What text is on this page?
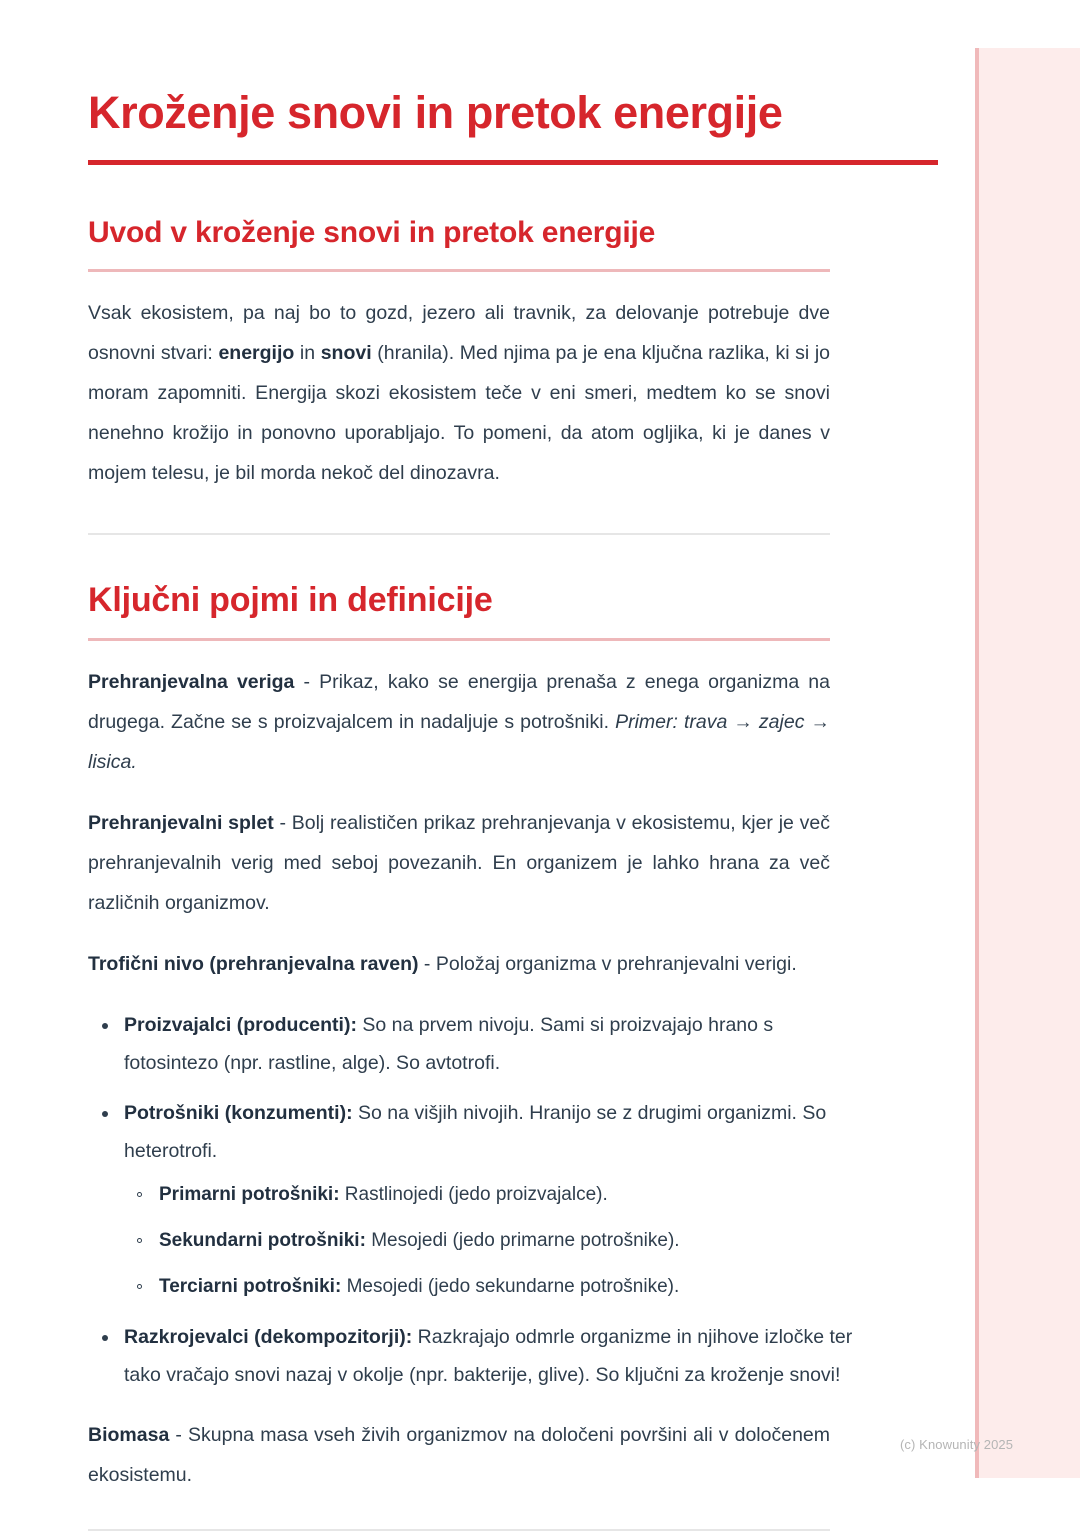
Kroženje snovi in pretok energije
Uvod v kroženje snovi in pretok energije

Vsak ekosistem, pa naj bo to gozd, jezero ali travnik, za delovanje potrebuje dve osnovni stvari: energijo in snovi (hranila). Med njima pa je ena ključna razlika, ki si jo moram zapomniti. Energija skozi ekosistem teče v eni smeri, medtem ko se snovi nenehno krožijo in ponovno uporabljajo. To pomeni, da atom ogljika, ki je danes v mojem telesu, je bil morda nekoč del dinozavra.

Ključni pojmi in definicije

Prehranjevalna veriga - Prikaz, kako se energija prenaša z enega organizma na drugega. Začne se s proizvajalcem in nadaljuje s potrošniki. Primer: trava → zajec → lisica.

Prehranjevalni splet - Bolj realističen prikaz prehranjevanja v ekosistemu, kjer je več prehranjevalnih verig med seboj povezanih. En organizem je lahko hrana za več različnih organizmov.

Trofični nivo (prehranjevalna raven) - Položaj organizma v prehranjevalni verigi.

Proizvajalci (producenti): So na prvem nivoju. Sami si proizvajajo hrano s fotosintezo (npr. rastline, alge). So avtotrofi.
Potrošniki (konzumenti): So na višjih nivojih. Hranijo se z drugimi organizmi. So heterotrofi.
Primarni potrošniki: Rastlinojedi (jedo proizvajalce).
Sekundarni potrošniki: Mesojedi (jedo primarne potrošnike).
Terciarni potrošniki: Mesojedi (jedo sekundarne potrošnike).
Razkrojevalci (dekompozitorji): Razkrajajo odmrle organizme in njihove izločke ter tako vračajo snovi nazaj v okolje (npr. bakterije, glive). So ključni za kroženje snovi!

Biomasa - Skupna masa vseh živih organizmov na določeni površini ali v določenem ekosistemu.

(c) Knowunity 2025
